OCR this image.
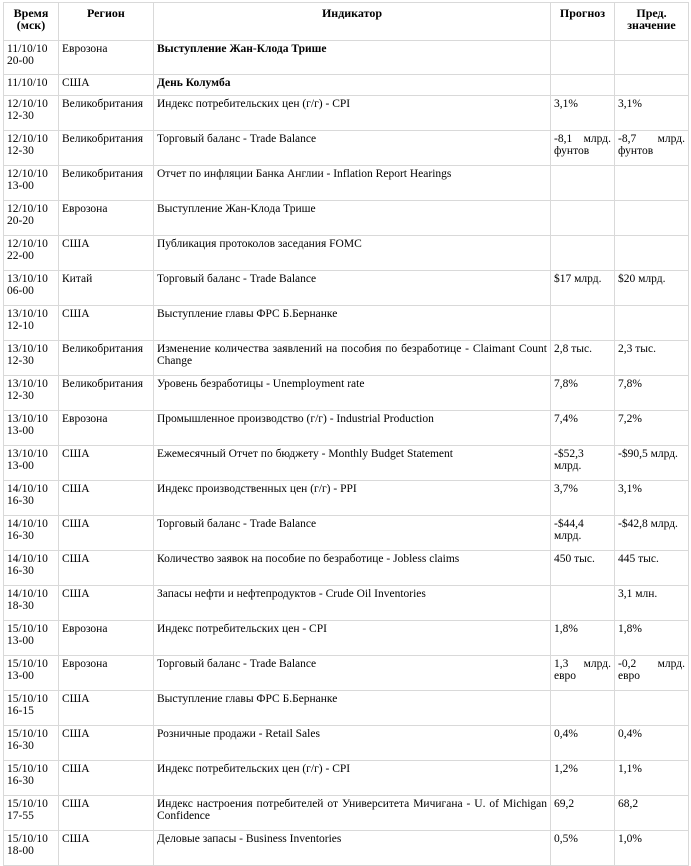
Время (мск)	Регион	Индикатор	Прогноз	Пред. значение
11/10/10 20-00	Еврозона	Выступление Жан-Клода Трише		
11/10/10	США	День Колумба		
12/10/10 12-30	Великобритания	Индекс потребительских цен (г/г) - CPI	3,1%	3,1%
12/10/10 12-30	Великобритания	Торговый баланс - Trade Balance	-8,1 млрд. фунтов	-8,7 млрд. фунтов
12/10/10 13-00	Великобритания	Отчет по инфляции Банка Англии - Inflation Report Hearings		
12/10/10 20-20	Еврозона	Выступление Жан-Клода Трише		
12/10/10 22-00	США	Публикация протоколов заседания FOMC		
13/10/10 06-00	Китай	Торговый баланс - Trade Balance	$17 млрд.	$20 млрд.
13/10/10 12-10	США	Выступление главы ФРС Б.Бернанке		
13/10/10 12-30	Великобритания	Изменение количества заявлений на пособия по безработице - Claimant Count Change	2,8 тыс.	2,3 тыс.
13/10/10 12-30	Великобритания	Уровень безработицы - Unemployment rate	7,8%	7,8%
13/10/10 13-00	Еврозона	Промышленное производство (г/г) - Industrial Production	7,4%	7,2%
13/10/10 13-00	США	Ежемесячный Отчет по бюджету - Monthly Budget Statement	-$52,3 млрд.	-$90,5 млрд.
14/10/10 16-30	США	Индекс производственных цен (г/г) - PPI	3,7%	3,1%
14/10/10 16-30	США	Торговый баланс - Trade Balance	-$44,4 млрд.	-$42,8 млрд.
14/10/10 16-30	США	Количество заявок на пособие по безработице - Jobless claims	450 тыс.	445 тыс.
14/10/10 18-30	США	Запасы нефти и нефтепродуктов - Crude Oil Inventories		3,1 млн.
15/10/10 13-00	Еврозона	Индекс потребительских цен - CPI	1,8%	1,8%
15/10/10 13-00	Еврозона	Торговый баланс - Trade Balance	1,3 млрд. евро	-0,2 млрд. евро
15/10/10 16-15	США	Выступление главы ФРС Б.Бернанке		
15/10/10 16-30	США	Розничные продажи - Retail Sales	0,4%	0,4%
15/10/10 16-30	США	Индекс потребительских цен (г/г) - CPI	1,2%	1,1%
15/10/10 17-55	США	Индекс настроения потребителей от Университета Мичигана - U. of Michigan Confidence	69,2	68,2
15/10/10 18-00	США	Деловые запасы - Business Inventories	0,5%	1,0%
